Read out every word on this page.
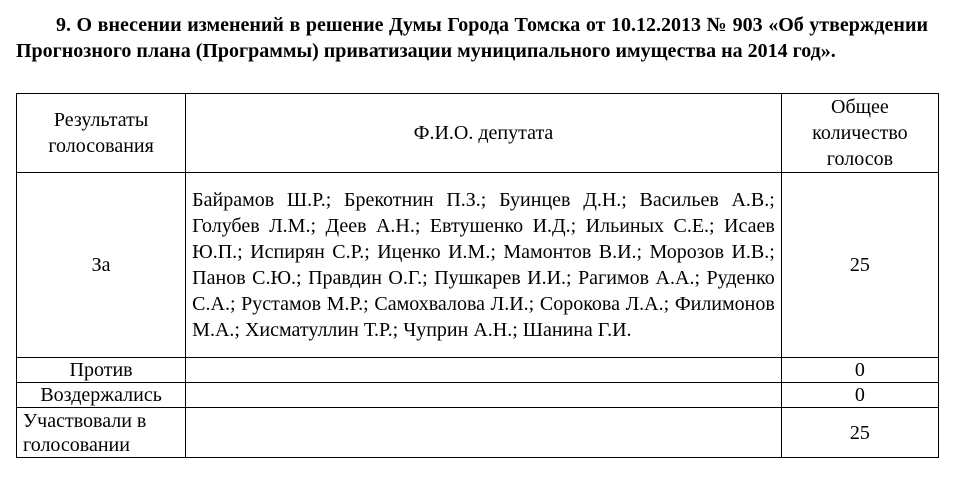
9. О внесении изменений в решение Думы Города Томска от 10.12.2013 № 903 «Об утверждении Прогнозного плана (Программы) приватизации муниципального имущества на 2014 год».

Результаты голосования	Ф.И.О. депутата	Общее количество голосов
За	Байрамов Ш.Р.; Брекотнин П.З.; Буинцев Д.Н.; Васильев А.В.; Голубев Л.М.; Деев А.Н.; Евтушенко И.Д.; Ильиных С.Е.; Исаев Ю.П.; Испирян С.Р.; Иценко И.М.; Мамонтов В.И.; Морозов И.В.; Панов С.Ю.; Правдин О.Г.; Пушкарев И.И.; Рагимов А.А.; Руденко С.А.; Рустамов М.Р.; Самохвалова Л.И.; Сорокова Л.А.; Филимонов М.А.; Хисматуллин Т.Р.; Чуприн А.Н.; Шанина Г.И.	25
Против		0
Воздержались		0
Участвовали в голосовании		25
